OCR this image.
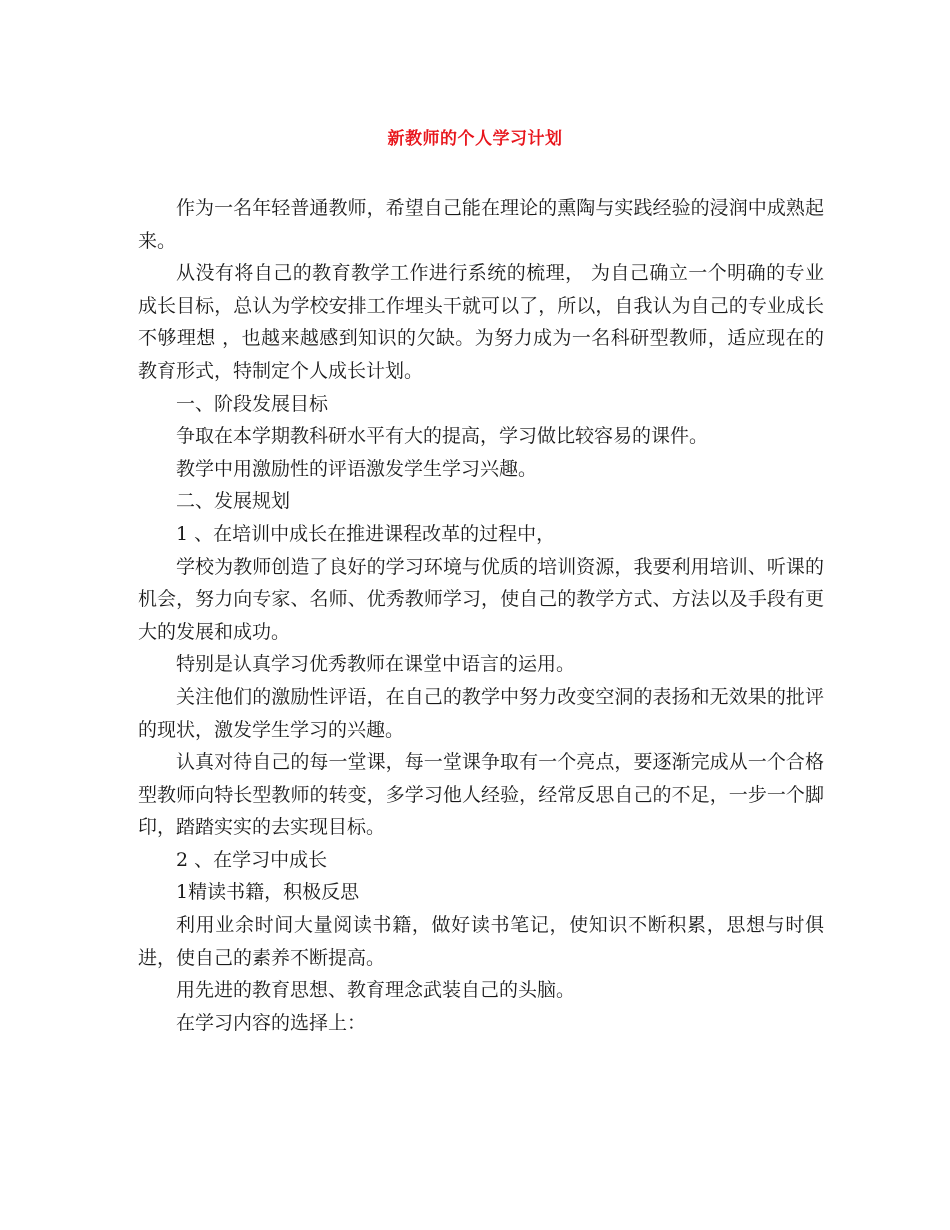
新教师的个人学习计划

作为一名年轻普通教师，希望自己能在理论的熏陶与实践经验的浸润中成熟起来。

从没有将自己的教育教学工作进行系统的梳理， 为自己确立一个明确的专业成长目标，总认为学校安排工作埋头干就可以了，所以，自我认为自己的专业成长不够理想 ，也越来越感到知识的欠缺。为努力成为一名科研型教师，适应现在的教育形式，特制定个人成长计划。

一、阶段发展目标

争取在本学期教科研水平有大的提高，学习做比较容易的课件。

教学中用激励性的评语激发学生学习兴趣。

二、发展规划

1 、在培训中成长在推进课程改革的过程中，

学校为教师创造了良好的学习环境与优质的培训资源，我要利用培训、听课的机会，努力向专家、名师、优秀教师学习，使自己的教学方式、方法以及手段有更大的发展和成功。

特别是认真学习优秀教师在课堂中语言的运用。

关注他们的激励性评语，在自己的教学中努力改变空洞的表扬和无效果的批评的现状，激发学生学习的兴趣。

认真对待自己的每一堂课，每一堂课争取有一个亮点，要逐渐完成从一个合格型教师向特长型教师的转变，多学习他人经验，经常反思自己的不足，一步一个脚印，踏踏实实的去实现目标。

2 、在学习中成长

1精读书籍，积极反思

利用业余时间大量阅读书籍，做好读书笔记，使知识不断积累，思想与时俱进，使自己的素养不断提高。

用先进的教育思想、教育理念武装自己的头脑。

在学习内容的选择上：
